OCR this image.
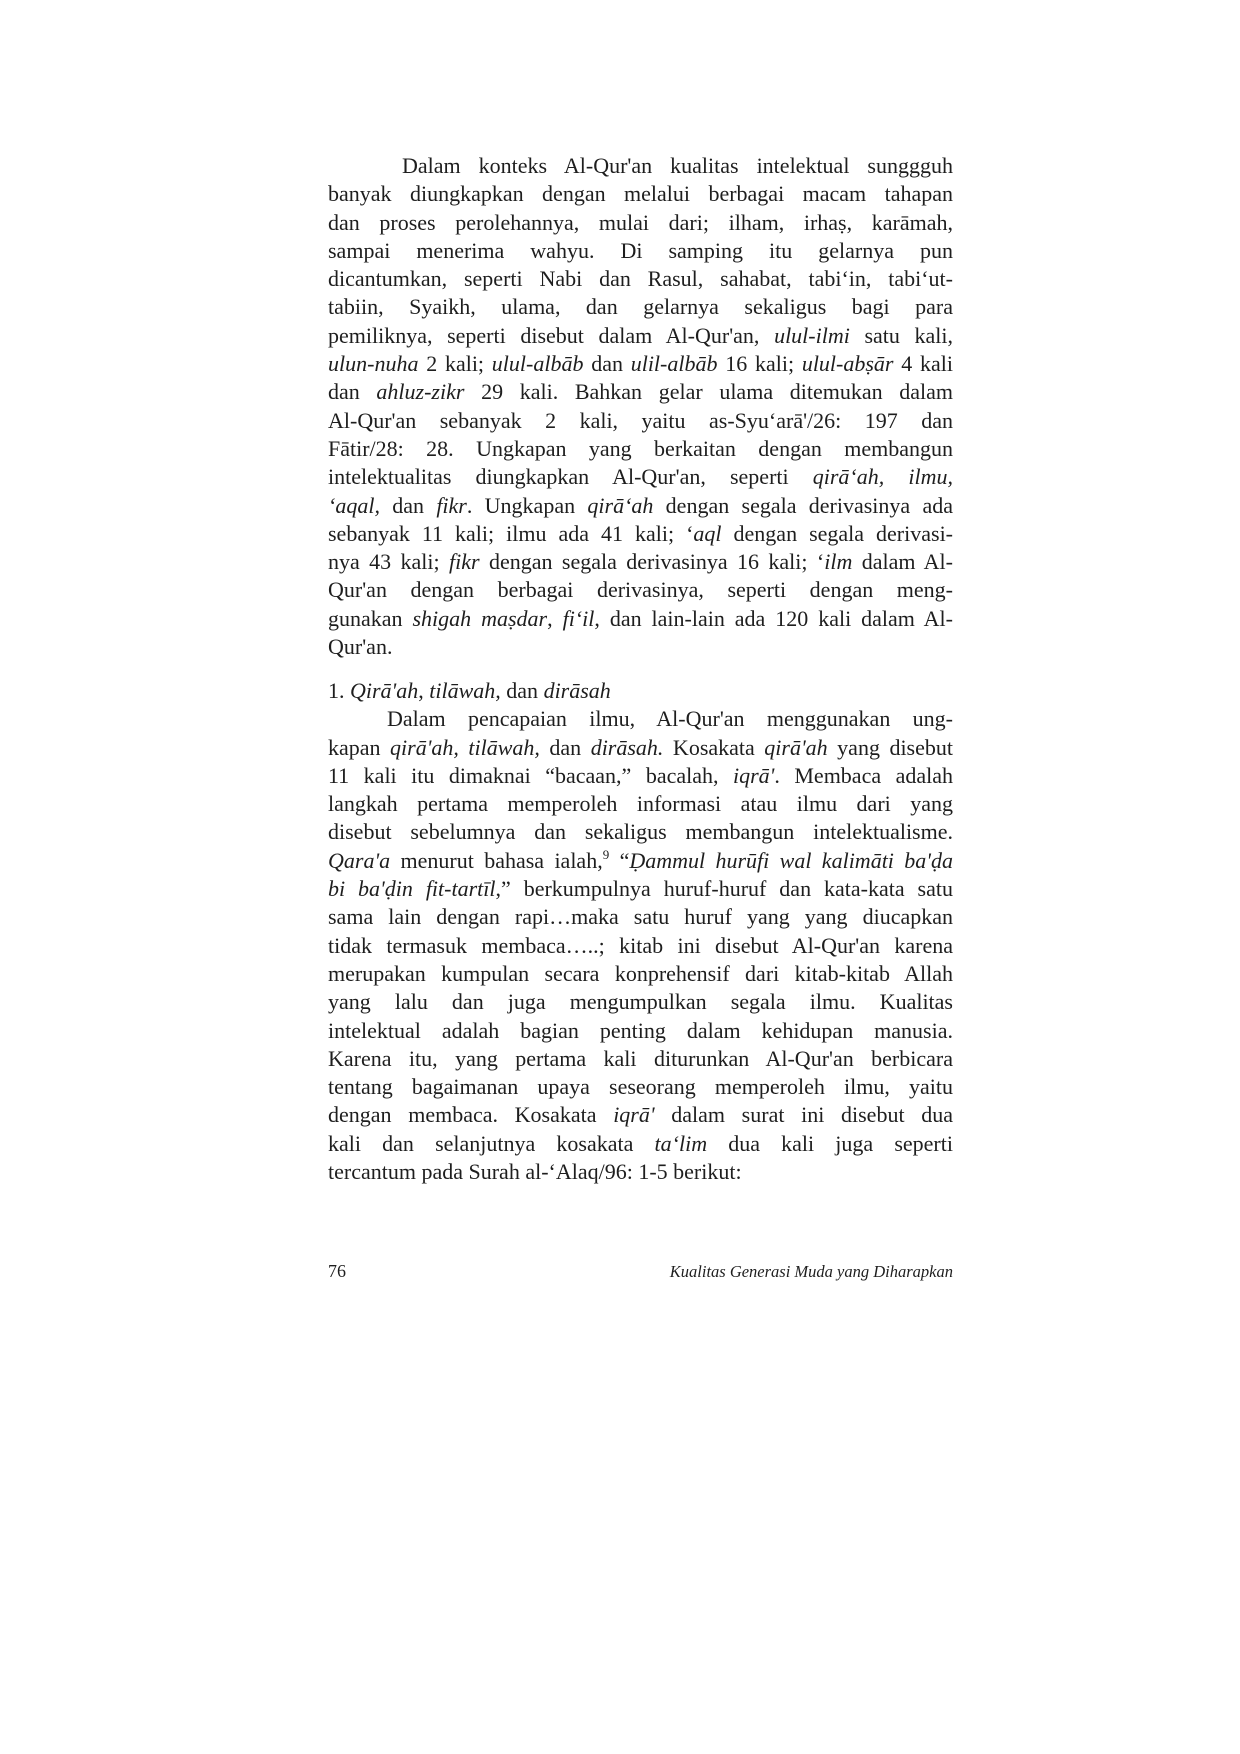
Dalam konteks Al-Qur'an kualitas intelektual sunggguh
banyak diungkapkan dengan melalui berbagai macam tahapan
dan proses perolehannya, mulai dari; ilham, irhaṣ, karāmah,
sampai menerima wahyu. Di samping itu gelarnya pun
dicantumkan, seperti Nabi dan Rasul, sahabat, tabi‘in, tabi‘ut-
tabiin, Syaikh, ulama, dan gelarnya sekaligus bagi para
pemiliknya, seperti disebut dalam Al-Qur'an, ulul-ilmi satu kali,
ulun-nuha 2 kali; ulul-albāb dan ulil-albāb 16 kali; ulul-abṣār 4 kali
dan ahluz-zikr 29 kali. Bahkan gelar ulama ditemukan dalam
Al-Qur'an sebanyak 2 kali, yaitu as-Syu‘arā'/26: 197 dan
Fātir/28: 28. Ungkapan yang berkaitan dengan membangun
intelektualitas diungkapkan Al-Qur'an, seperti qirā‘ah, ilmu,
‘aqal, dan fikr. Ungkapan qirā‘ah dengan segala derivasinya ada
sebanyak 11 kali; ilmu ada 41 kali; ‘aql dengan segala derivasi-
nya 43 kali; fikr dengan segala derivasinya 16 kali; ‘ilm dalam Al-
Qur'an dengan berbagai derivasinya, seperti dengan meng-
gunakan shigah maṣdar, fi‘il, dan lain-lain ada 120 kali dalam Al-
Qur'an.
1. Qirā'ah, tilāwah, dan dirāsah
Dalam pencapaian ilmu, Al-Qur'an menggunakan ung-
kapan qirā'ah, tilāwah, dan dirāsah. Kosakata qirā'ah yang disebut
11 kali itu dimaknai “bacaan,” bacalah, iqrā'. Membaca adalah
langkah pertama memperoleh informasi atau ilmu dari yang
disebut sebelumnya dan sekaligus membangun intelektualisme.
Qara'a menurut bahasa ialah,$^9$ “Ḍammul hurūfi wal kalimāti ba'ḍa
bi ba'ḍin fit-tartīl,” berkumpulnya huruf-huruf dan kata-kata satu
sama lain dengan rapi…maka satu huruf yang yang diucapkan
tidak termasuk membaca…..; kitab ini disebut Al-Qur'an karena
merupakan kumpulan secara konprehensif dari kitab-kitab Allah
yang lalu dan juga mengumpulkan segala ilmu. Kualitas
intelektual adalah bagian penting dalam kehidupan manusia.
Karena itu, yang pertama kali diturunkan Al-Qur'an berbicara
tentang bagaimanan upaya seseorang memperoleh ilmu, yaitu
dengan membaca. Kosakata iqrā' dalam surat ini disebut dua
kali dan selanjutnya kosakata ta‘lim dua kali juga seperti
tercantum pada Surah al-‘Alaq/96: 1-5 berikut:
76	Kualitas Generasi Muda yang Diharapkan
